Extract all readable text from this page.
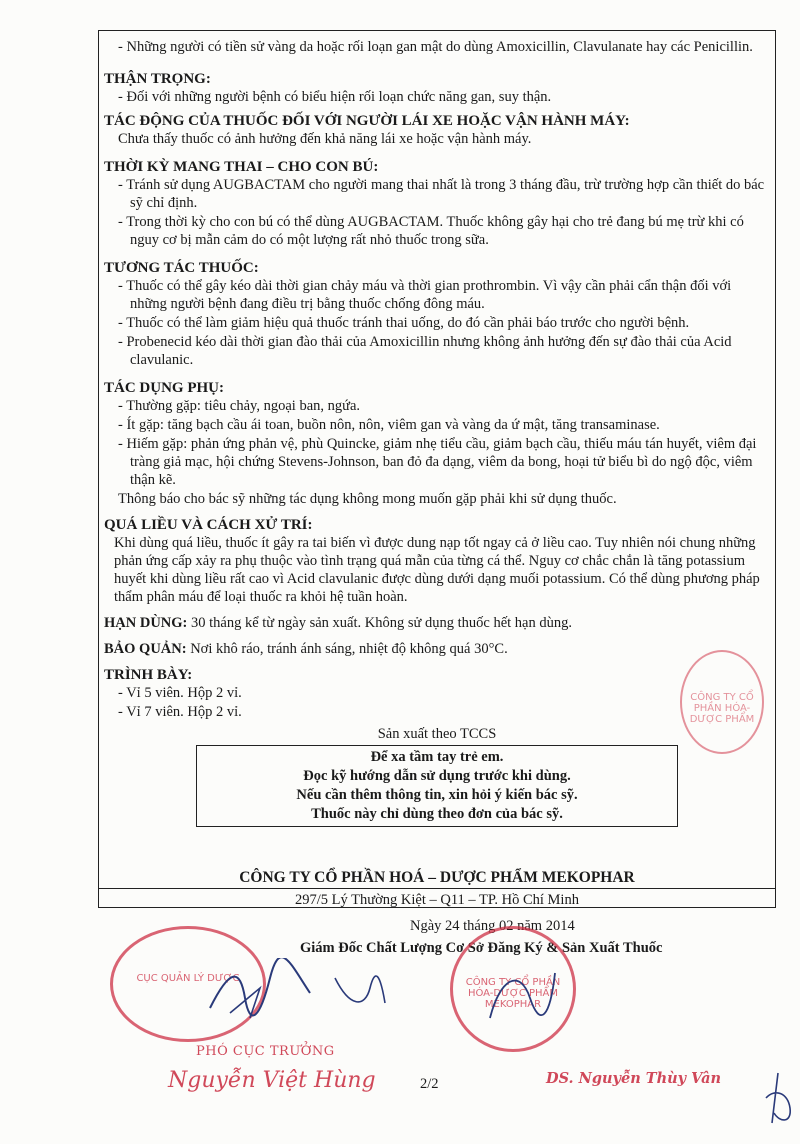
- Những người có tiền sử vàng da hoặc rối loạn gan mật do dùng Amoxicillin, Clavulanate hay các Penicillin.
THẬN TRỌNG:
- Đối với những người bệnh có biểu hiện rối loạn chức năng gan, suy thận.
TÁC ĐỘNG CỦA THUỐC ĐỐI VỚI NGƯỜI LÁI XE HOẶC VẬN HÀNH MÁY:
Chưa thấy thuốc có ảnh hưởng đến khả năng lái xe hoặc vận hành máy.
THỜI KỲ MANG THAI – CHO CON BÚ:
- Tránh sử dụng AUGBACTAM cho người mang thai nhất là trong 3 tháng đầu, trừ trường hợp cần thiết do bác sỹ chỉ định.
- Trong thời kỳ cho con bú có thể dùng AUGBACTAM. Thuốc không gây hại cho trẻ đang bú mẹ trừ khi có nguy cơ bị mẫn cảm do có một lượng rất nhỏ thuốc trong sữa.
TƯƠNG TÁC THUỐC:
- Thuốc có thể gây kéo dài thời gian chảy máu và thời gian prothrombin. Vì vậy cần phải cẩn thận đối với những người bệnh đang điều trị bằng thuốc chống đông máu.
- Thuốc có thể làm giảm hiệu quả thuốc tránh thai uống, do đó cần phải báo trước cho người bệnh.
- Probenecid kéo dài thời gian đào thải của Amoxicillin nhưng không ảnh hưởng đến sự đào thải của Acid clavulanic.
TÁC DỤNG PHỤ:
- Thường gặp: tiêu chảy, ngoại ban, ngứa.
- Ít gặp: tăng bạch cầu ái toan, buồn nôn, nôn, viêm gan và vàng da ứ mật, tăng transaminase.
- Hiếm gặp: phản ứng phản vệ, phù Quincke, giảm nhẹ tiểu cầu, giảm bạch cầu, thiếu máu tán huyết, viêm đại tràng giả mạc, hội chứng Stevens-Johnson, ban đỏ đa dạng, viêm da bong, hoại tử biểu bì do ngộ độc, viêm thận kẽ.
Thông báo cho bác sỹ những tác dụng không mong muốn gặp phải khi sử dụng thuốc.
QUÁ LIỀU VÀ CÁCH XỬ TRÍ:
Khi dùng quá liều, thuốc ít gây ra tai biến vì được dung nạp tốt ngay cả ở liều cao. Tuy nhiên nói chung những phản ứng cấp xảy ra phụ thuộc vào tình trạng quá mẫn của từng cá thể. Nguy cơ chắc chắn là tăng potassium huyết khi dùng liều rất cao vì Acid clavulanic được dùng dưới dạng muối potassium. Có thể dùng phương pháp thẩm phân máu để loại thuốc ra khỏi hệ tuần hoàn.
HẠN DÙNG: 30 tháng kể từ ngày sản xuất. Không sử dụng thuốc hết hạn dùng.
BẢO QUẢN: Nơi khô ráo, tránh ánh sáng, nhiệt độ không quá 30°C.
TRÌNH BÀY:
- Vỉ 5 viên. Hộp 2 vỉ.
- Vỉ 7 viên. Hộp 2 vỉ.
Sản xuất theo TCCS
Để xa tầm tay trẻ em.
Đọc kỹ hướng dẫn sử dụng trước khi dùng.
Nếu cần thêm thông tin, xin hỏi ý kiến bác sỹ.
Thuốc này chỉ dùng theo đơn của bác sỹ.
CÔNG TY CỔ PHẦN HOÁ – DƯỢC PHẨM MEKOPHAR
297/5 Lý Thường Kiệt – Q11 – TP. Hồ Chí Minh
Ngày 24 tháng 02 năm 2014
Giám Đốc Chất Lượng Cơ Sở Đăng Ký & Sản Xuất Thuốc
CÔNG TY CỔ PHẦN HÓA-DƯỢC PHẨM
CỤC QUẢN LÝ DƯỢC	CÔNG TY CỔ PHẦN HÓA-DƯỢC PHẨM MEKOPHAR
PHÓ CỤC TRƯỞNG
Nguyễn Việt Hùng	2/2	DS. Nguyễn Thùy Vân
